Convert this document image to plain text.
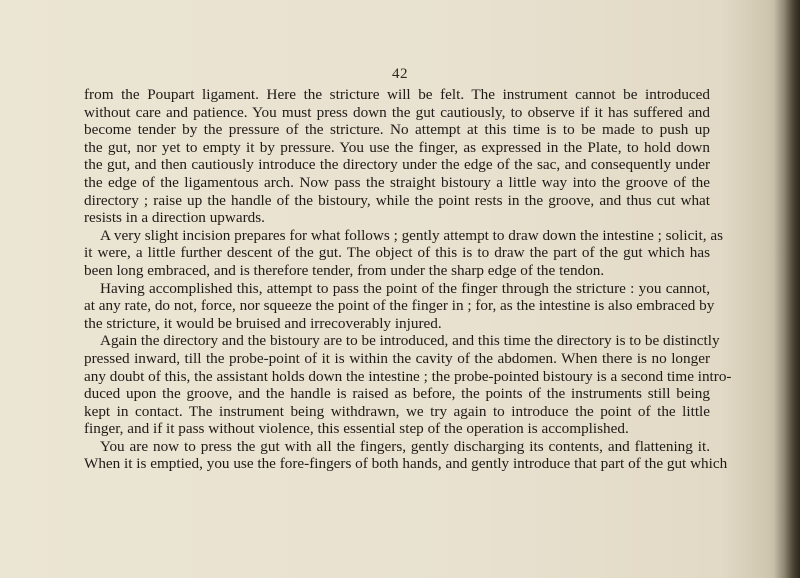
42
from the Poupart ligament. Here the stricture will be felt. The instrument cannot be introduced
without care and patience. You must press down the gut cautiously, to observe if it has suffered and
become tender by the pressure of the stricture. No attempt at this time is to be made to push up
the gut, nor yet to empty it by pressure. You use the finger, as expressed in the Plate, to hold down
the gut, and then cautiously introduce the directory under the edge of the sac, and consequently under
the edge of the ligamentous arch. Now pass the straight bistoury a little way into the groove of the
directory ; raise up the handle of the bistoury, while the point rests in the groove, and thus cut what
resists in a direction upwards.
A very slight incision prepares for what follows ; gently attempt to draw down the intestine ; solicit, as
it were, a little further descent of the gut. The object of this is to draw the part of the gut which has
been long embraced, and is therefore tender, from under the sharp edge of the tendon.
Having accomplished this, attempt to pass the point of the finger through the stricture : you cannot,
at any rate, do not, force, nor squeeze the point of the finger in ; for, as the intestine is also embraced by
the stricture, it would be bruised and irrecoverably injured.
Again the directory and the bistoury are to be introduced, and this time the directory is to be distinctly
pressed inward, till the probe-point of it is within the cavity of the abdomen. When there is no longer
any doubt of this, the assistant holds down the intestine ; the probe-pointed bistoury is a second time intro-
duced upon the groove, and the handle is raised as before, the points of the instruments still being
kept in contact. The instrument being withdrawn, we try again to introduce the point of the little
finger, and if it pass without violence, this essential step of the operation is accomplished.
You are now to press the gut with all the fingers, gently discharging its contents, and flattening it.
When it is emptied, you use the fore-fingers of both hands, and gently introduce that part of the gut which
